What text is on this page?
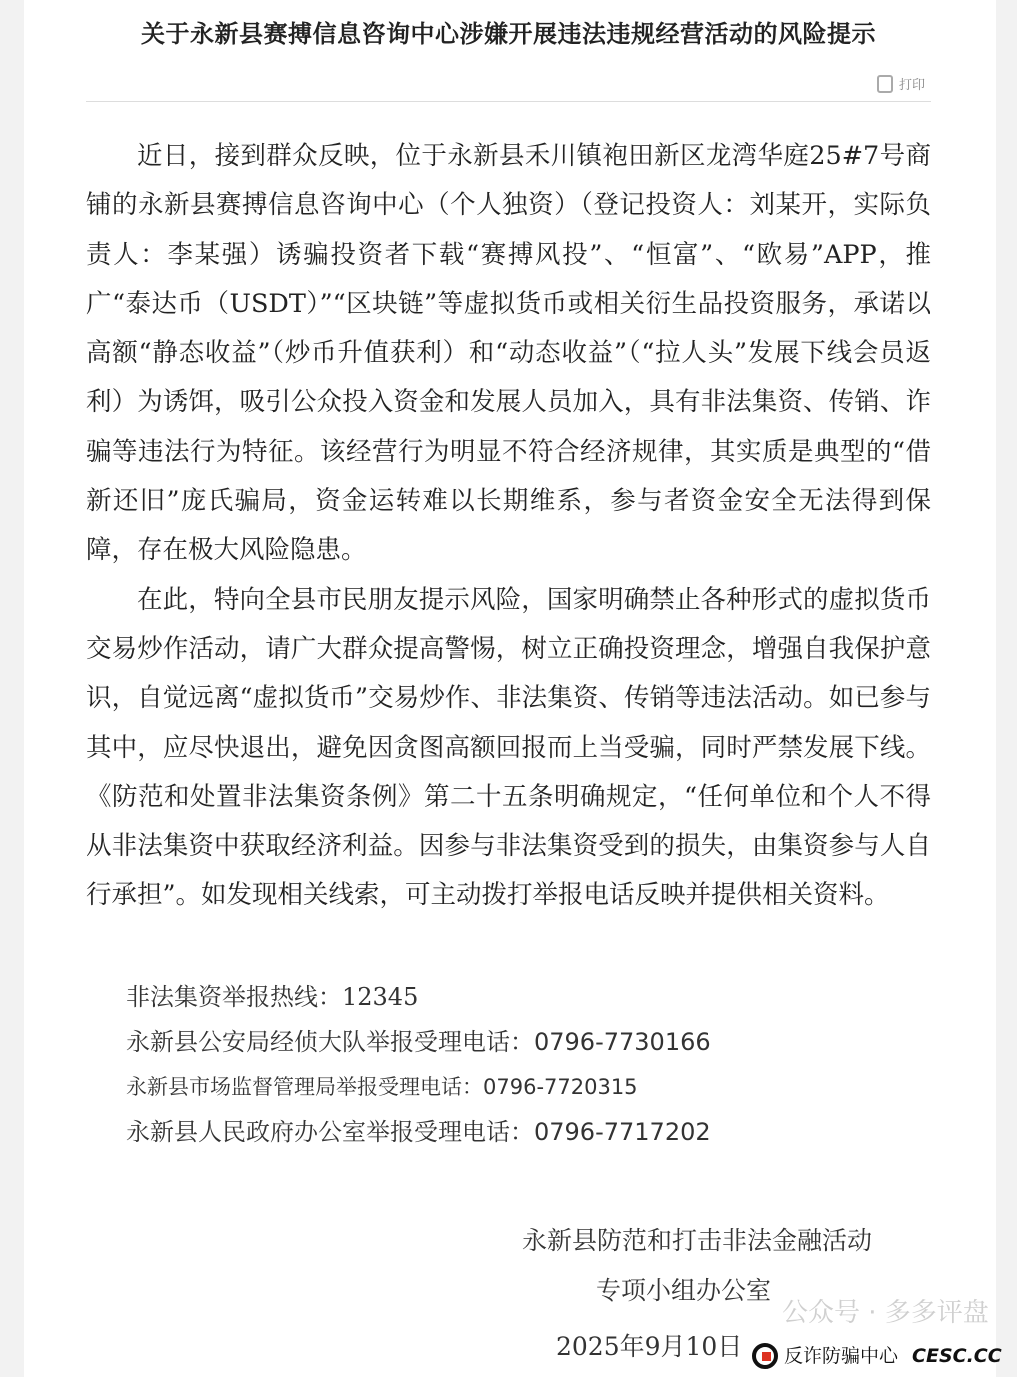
关于永新县赛搏信息咨询中心涉嫌开展违法违规经营活动的风险提示
打印

近日，接到群众反映，位于永新县禾川镇袍田新区龙湾华庭25#7号商铺的永新县赛搏信息咨询中心（个人独资）（登记投资人：刘某开，实际负责人：李某强）诱骗投资者下载“赛搏风投”、“恒富”、“欧易”APP，推广“泰达币（USDT）”“区块链”等虚拟货币或相关衍生品投资服务，承诺以高额“静态收益”（炒币升值获利）和“动态收益”（“拉人头”发展下线会员返利）为诱饵，吸引公众投入资金和发展人员加入，具有非法集资、传销、诈骗等违法行为特征。该经营行为明显不符合经济规律，其实质是典型的“借新还旧”庞氏骗局，资金运转难以长期维系，参与者资金安全无法得到保障，存在极大风险隐患。

在此，特向全县市民朋友提示风险，国家明确禁止各种形式的虚拟货币交易炒作活动，请广大群众提高警惕，树立正确投资理念，增强自我保护意识，自觉远离“虚拟货币”交易炒作、非法集资、传销等违法活动。如已参与其中，应尽快退出，避免因贪图高额回报而上当受骗，同时严禁发展下线。《防范和处置非法集资条例》第二十五条明确规定，“任何单位和个人不得从非法集资中获取经济利益。因参与非法集资受到的损失，由集资参与人自行承担”。如发现相关线索，可主动拨打举报电话反映并提供相关资料。

非法集资举报热线：12345
永新县公安局经侦大队举报受理电话：0796-7730166
永新县市场监督管理局举报受理电话：0796-7720315
永新县人民政府办公室举报受理电话：0796-7717202
永新县防范和打击非法金融活动
专项小组办公室
2025年9月10日
公众号 · 多多评盘
反诈防骗中心 CESC.CC
